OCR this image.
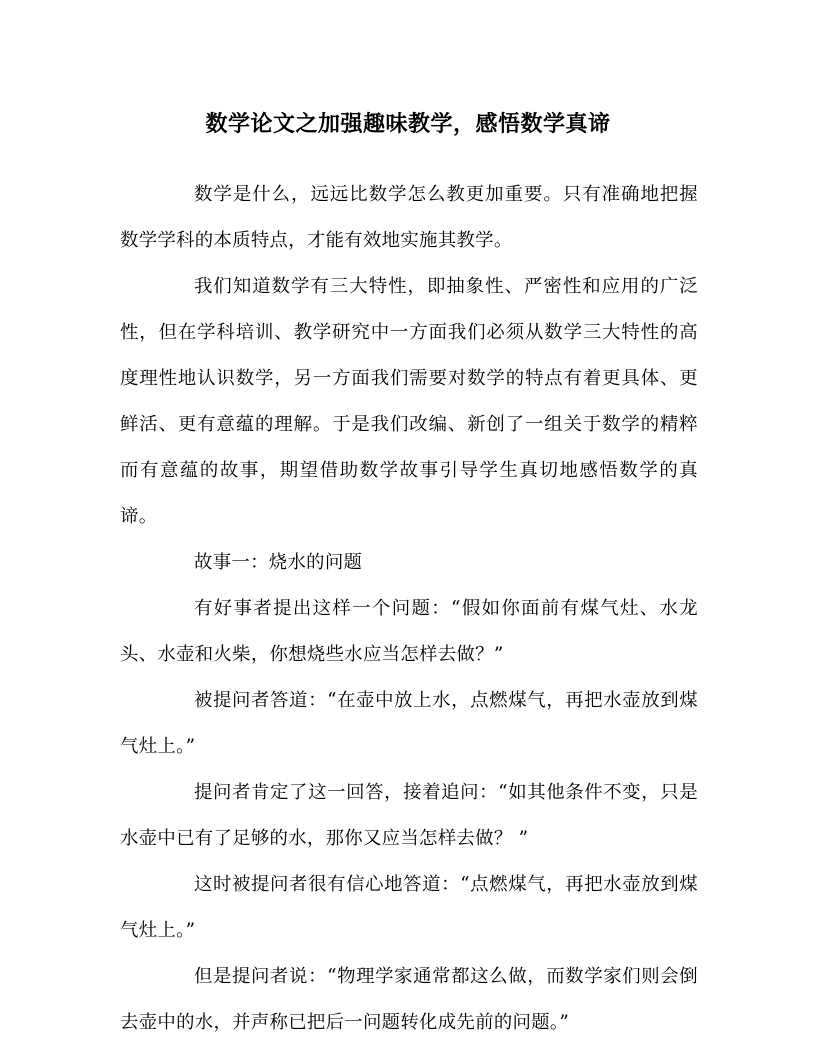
数学论文之加强趣味教学，感悟数学真谛

数学是什么，远远比数学怎么教更加重要。只有准确地把握数学学科的本质特点，才能有效地实施其教学。

我们知道数学有三大特性，即抽象性、严密性和应用的广泛性，但在学科培训、教学研究中一方面我们必须从数学三大特性的高度理性地认识数学，另一方面我们需要对数学的特点有着更具体、更鲜活、更有意蕴的理解。于是我们改编、新创了一组关于数学的精粹而有意蕴的故事，期望借助数学故事引导学生真切地感悟数学的真谛。

故事一：烧水的问题

有好事者提出这样一个问题：“假如你面前有煤气灶、水龙头、水壶和火柴，你想烧些水应当怎样去做？”

被提问者答道：“在壶中放上水，点燃煤气，再把水壶放到煤气灶上。”

提问者肯定了这一回答，接着追问：“如其他条件不变，只是水壶中已有了足够的水，那你又应当怎样去做？ ”

这时被提问者很有信心地答道：“点燃煤气，再把水壶放到煤气灶上。”

但是提问者说：“物理学家通常都这么做，而数学家们则会倒去壶中的水，并声称已把后一问题转化成先前的问题。”
